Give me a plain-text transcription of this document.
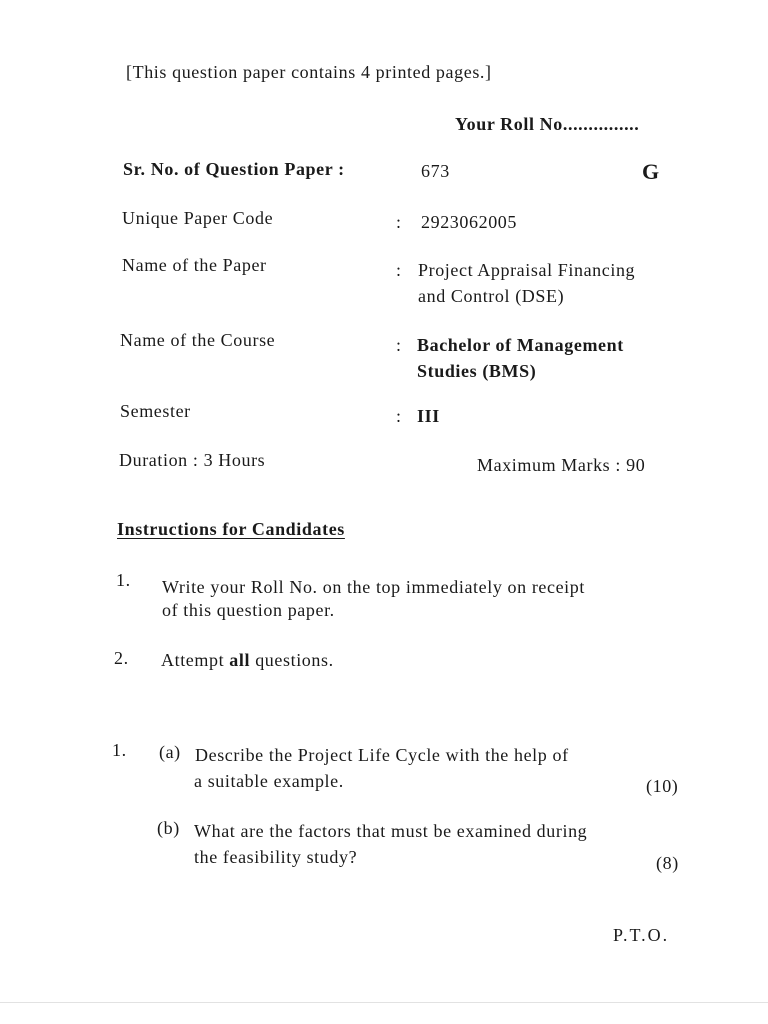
[This question paper contains 4 printed pages.]
Your Roll No...............
Sr. No. of Question Paper :	673	G
Unique Paper Code	: 2923062005
Name of the Paper	: Project Appraisal Financing
and Control (DSE)
Name of the Course	: Bachelor of Management
Studies (BMS)
Semester	: III
Duration : 3 Hours	Maximum Marks : 90
Instructions for Candidates
1. Write your Roll No. on the top immediately on receipt
of this question paper.
2. Attempt all questions.
1. (a) Describe the Project Life Cycle with the help of
a suitable example.	(10)
(b) What are the factors that must be examined during
the feasibility study?	(8)
P.T.O.
